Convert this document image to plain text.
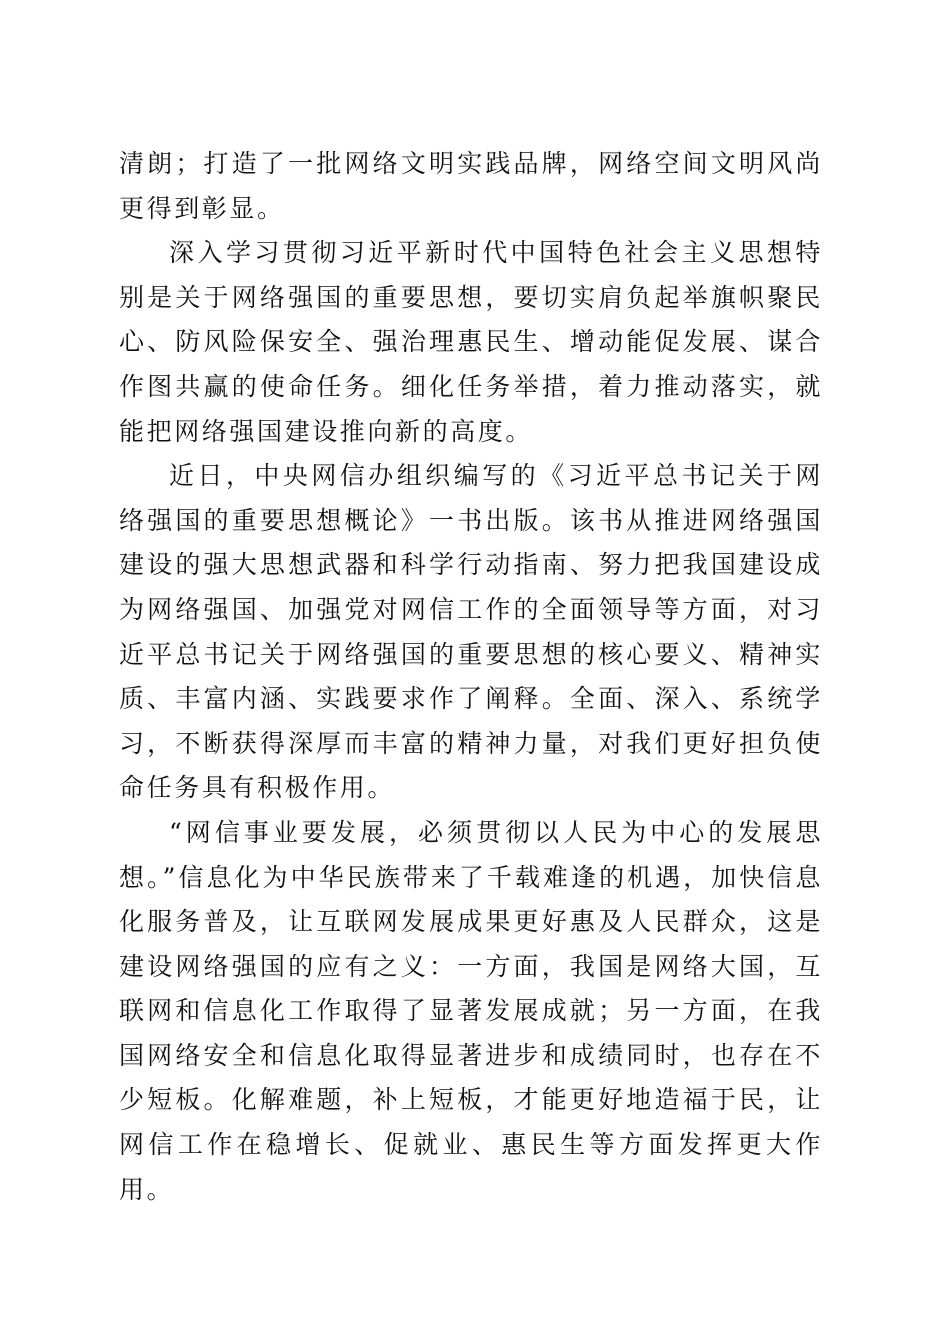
清朗；打造了一批网络文明实践品牌，网络空间文明风尚更得到彰显。

深入学习贯彻习近平新时代中国特色社会主义思想特别是关于网络强国的重要思想，要切实肩负起举旗帜聚民心、防风险保安全、强治理惠民生、增动能促发展、谋合作图共赢的使命任务。细化任务举措，着力推动落实，就能把网络强国建设推向新的高度。

近日，中央网信办组织编写的《习近平总书记关于网络强国的重要思想概论》一书出版。该书从推进网络强国建设的强大思想武器和科学行动指南、努力把我国建设成为网络强国、加强党对网信工作的全面领导等方面，对习近平总书记关于网络强国的重要思想的核心要义、精神实质、丰富内涵、实践要求作了阐释。全面、深入、系统学习，不断获得深厚而丰富的精神力量，对我们更好担负使命任务具有积极作用。

“网信事业要发展，必须贯彻以人民为中心的发展思想。”信息化为中华民族带来了千载难逢的机遇，加快信息化服务普及，让互联网发展成果更好惠及人民群众，这是建设网络强国的应有之义：一方面，我国是网络大国，互联网和信息化工作取得了显著发展成就；另一方面，在我国网络安全和信息化取得显著进步和成绩同时，也存在不少短板。化解难题，补上短板，才能更好地造福于民，让网信工作在稳增长、促就业、惠民生等方面发挥更大作用。
